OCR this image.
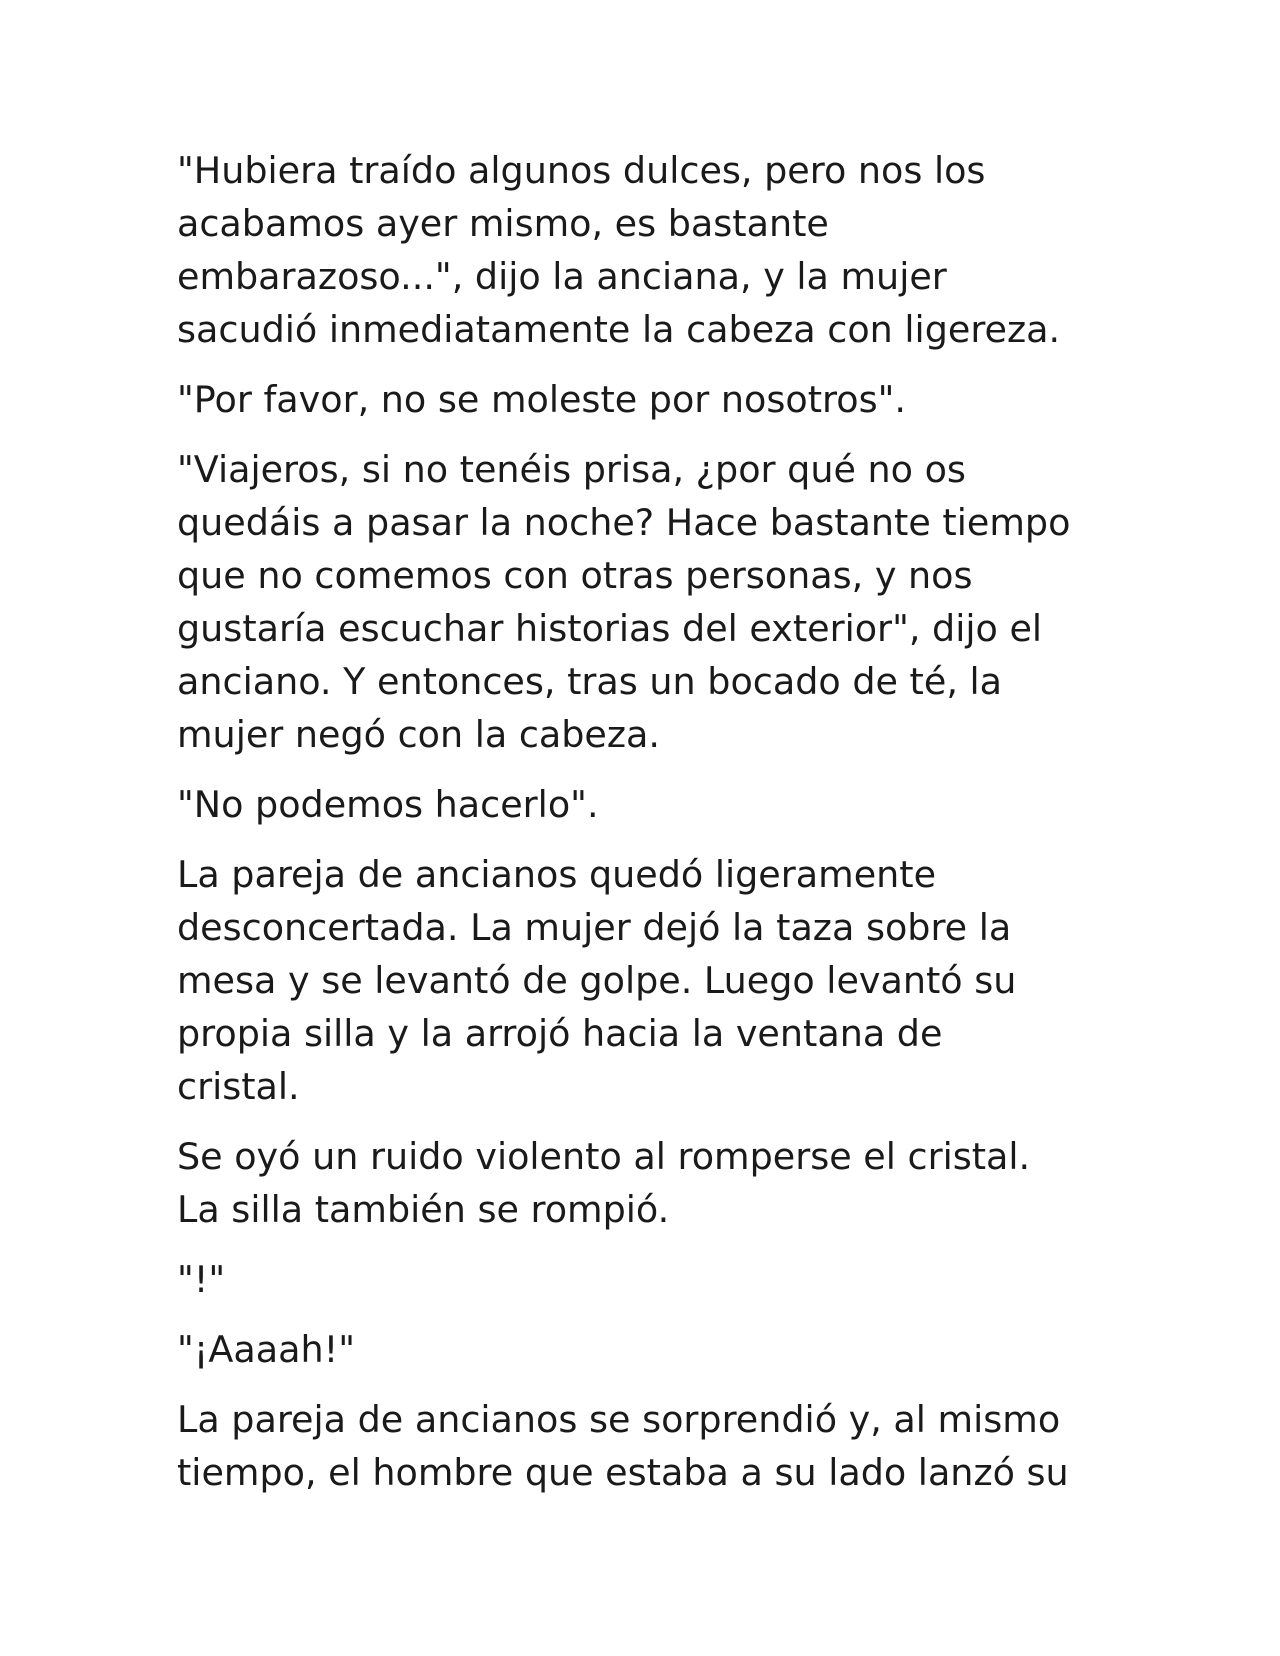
"Hubiera traído algunos dulces, pero nos los
acabamos ayer mismo, es bastante
embarazoso...", dijo la anciana, y la mujer
sacudió inmediatamente la cabeza con ligereza.

"Por favor, no se moleste por nosotros".

"Viajeros, si no tenéis prisa, ¿por qué no os
quedáis a pasar la noche? Hace bastante tiempo
que no comemos con otras personas, y nos
gustaría escuchar historias del exterior", dijo el
anciano. Y entonces, tras un bocado de té, la
mujer negó con la cabeza.

"No podemos hacerlo".

La pareja de ancianos quedó ligeramente
desconcertada. La mujer dejó la taza sobre la
mesa y se levantó de golpe. Luego levantó su
propia silla y la arrojó hacia la ventana de
cristal.

Se oyó un ruido violento al romperse el cristal.
La silla también se rompió.

"!"

"¡Aaaah!"

La pareja de ancianos se sorprendió y, al mismo
tiempo, el hombre que estaba a su lado lanzó su
